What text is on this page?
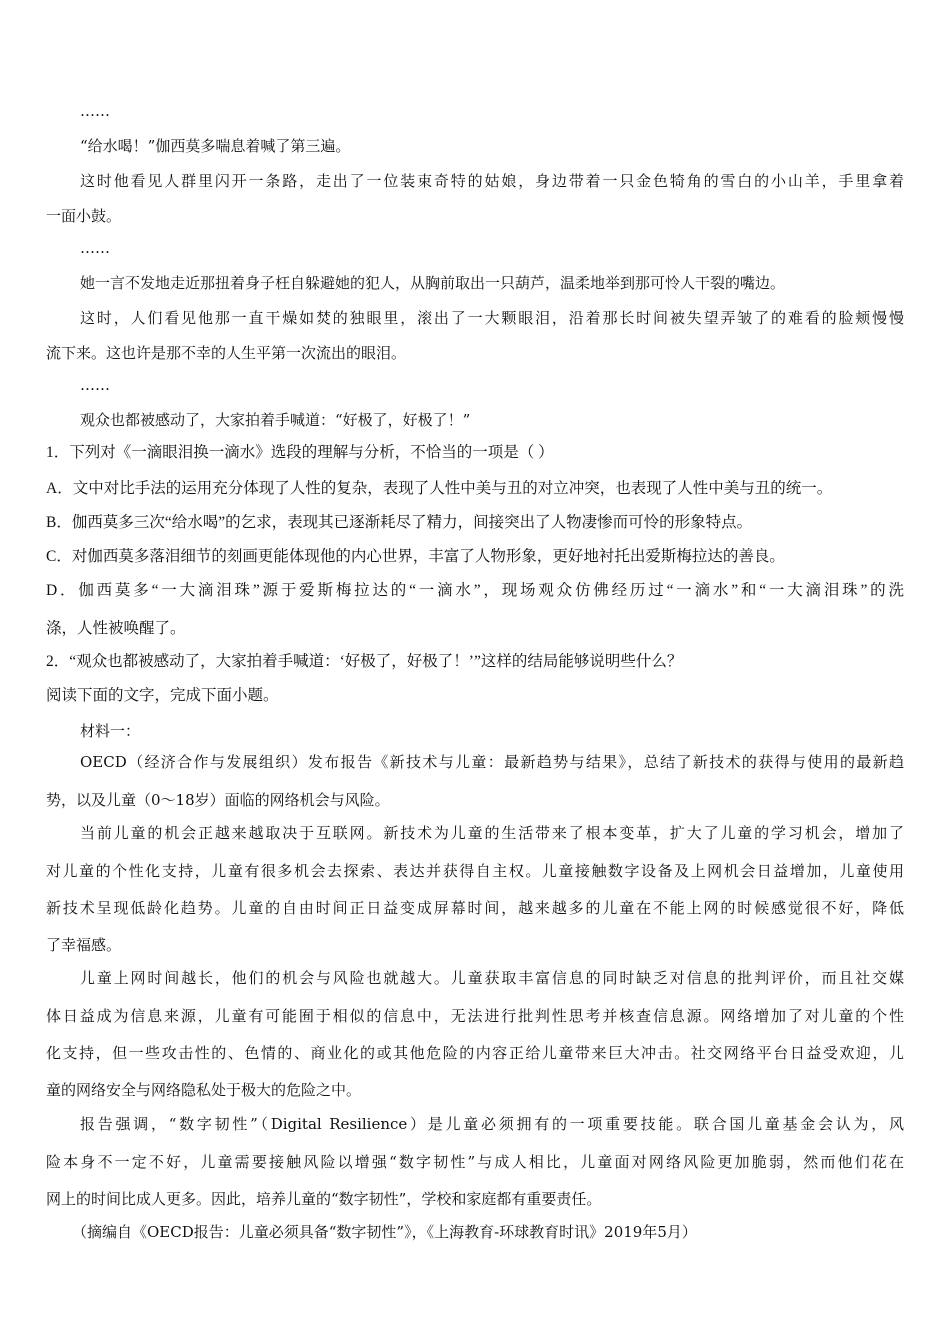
……
“给水喝！”伽西莫多喘息着喊了第三遍。
这时他看见人群里闪开一条路，走出了一位装束奇特的姑娘，身边带着一只金色犄角的雪白的小山羊，手里拿着
一面小鼓。
……
她一言不发地走近那扭着身子枉自躲避她的犯人，从胸前取出一只葫芦，温柔地举到那可怜人干裂的嘴边。
这时，人们看见他那一直干燥如焚的独眼里，滚出了一大颗眼泪，沿着那长时间被失望弄皱了的难看的脸颊慢慢
流下来。这也许是那不幸的人生平第一次流出的眼泪。
……
观众也都被感动了，大家拍着手喊道：“好极了，好极了！”
1．下列对《一滴眼泪换一滴水》选段的理解与分析，不恰当的一项是（ ）
A．文中对比手法的运用充分体现了人性的复杂，表现了人性中美与丑的对立冲突，也表现了人性中美与丑的统一。
B．伽西莫多三次“给水喝”的乞求，表现其已逐渐耗尽了精力，间接突出了人物凄惨而可怜的形象特点。
C．对伽西莫多落泪细节的刻画更能体现他的内心世界，丰富了人物形象，更好地衬托出爱斯梅拉达的善良。
D．伽西莫多“一大滴泪珠”源于爱斯梅拉达的“一滴水”，现场观众仿佛经历过“一滴水”和“一大滴泪珠”的洗
涤，人性被唤醒了。
2．“观众也都被感动了，大家拍着手喊道：‘好极了，好极了！’”这样的结局能够说明些什么？
阅读下面的文字，完成下面小题。
材料一：
OECD（经济合作与发展组织）发布报告《新技术与儿童：最新趋势与结果》，总结了新技术的获得与使用的最新趋
势，以及儿童（0～18岁）面临的网络机会与风险。
当前儿童的机会正越来越取决于互联网。新技术为儿童的生活带来了根本变革，扩大了儿童的学习机会，增加了
对儿童的个性化支持，儿童有很多机会去探索、表达并获得自主权。儿童接触数字设备及上网机会日益增加，儿童使用
新技术呈现低龄化趋势。儿童的自由时间正日益变成屏幕时间，越来越多的儿童在不能上网的时候感觉很不好，降低
了幸福感。
儿童上网时间越长，他们的机会与风险也就越大。儿童获取丰富信息的同时缺乏对信息的批判评价，而且社交媒
体日益成为信息来源，儿童有可能囿于相似的信息中，无法进行批判性思考并核查信息源。网络增加了对儿童的个性
化支持，但一些攻击性的、色情的、商业化的或其他危险的内容正给儿童带来巨大冲击。社交网络平台日益受欢迎，儿
童的网络安全与网络隐私处于极大的危险之中。
报告强调，“数字韧性”（Digital Resilience）是儿童必须拥有的一项重要技能。联合国儿童基金会认为，风
险本身不一定不好，儿童需要接触风险以增强“数字韧性”与成人相比，儿童面对网络风险更加脆弱，然而他们花在
网上的时间比成人更多。因此，培养儿童的“数字韧性”，学校和家庭都有重要责任。
（摘编自《OECD报告：儿童必须具备“数字韧性”》，《上海教育-环球教育时讯》2019年5月）
